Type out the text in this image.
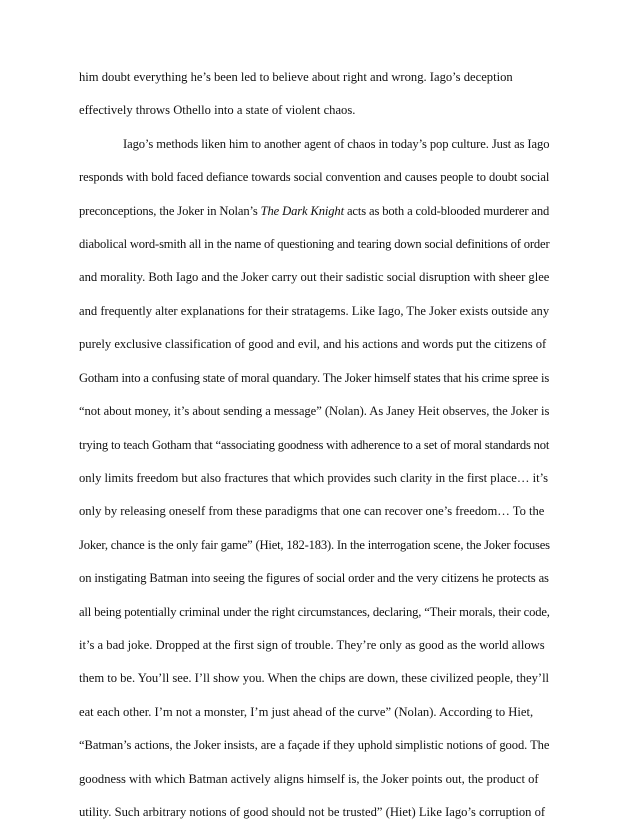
him doubt everything he’s been led to believe about right and wrong. Iago’s deception
effectively throws Othello into a state of violent chaos.
Iago’s methods liken him to another agent of chaos in today’s pop culture. Just as Iago
responds with bold faced defiance towards social convention and causes people to doubt social
preconceptions, the Joker in Nolan’s The Dark Knight acts as both a cold-blooded murderer and
diabolical word-smith all in the name of questioning and tearing down social definitions of order
and morality. Both Iago and the Joker carry out their sadistic social disruption with sheer glee
and frequently alter explanations for their stratagems. Like Iago, The Joker exists outside any
purely exclusive classification of good and evil, and his actions and words put the citizens of
Gotham into a confusing state of moral quandary. The Joker himself states that his crime spree is
“not about money, it’s about sending a message” (Nolan). As Janey Heit observes, the Joker is
trying to teach Gotham that “associating goodness with adherence to a set of moral standards not
only limits freedom but also fractures that which provides such clarity in the first place… it’s
only by releasing oneself from these paradigms that one can recover one’s freedom… To the
Joker, chance is the only fair game” (Hiet, 182-183). In the interrogation scene, the Joker focuses
on instigating Batman into seeing the figures of social order and the very citizens he protects as
all being potentially criminal under the right circumstances, declaring, “Their morals, their code,
it’s a bad joke. Dropped at the first sign of trouble. They’re only as good as the world allows
them to be. You’ll see. I’ll show you. When the chips are down, these civilized people, they’ll
eat each other. I’m not a monster, I’m just ahead of the curve” (Nolan). According to Hiet,
“Batman’s actions, the Joker insists, are a façade if they uphold simplistic notions of good. The
goodness with which Batman actively aligns himself is, the Joker points out, the product of
utility. Such arbitrary notions of good should not be trusted” (Hiet) Like Iago’s corruption of
